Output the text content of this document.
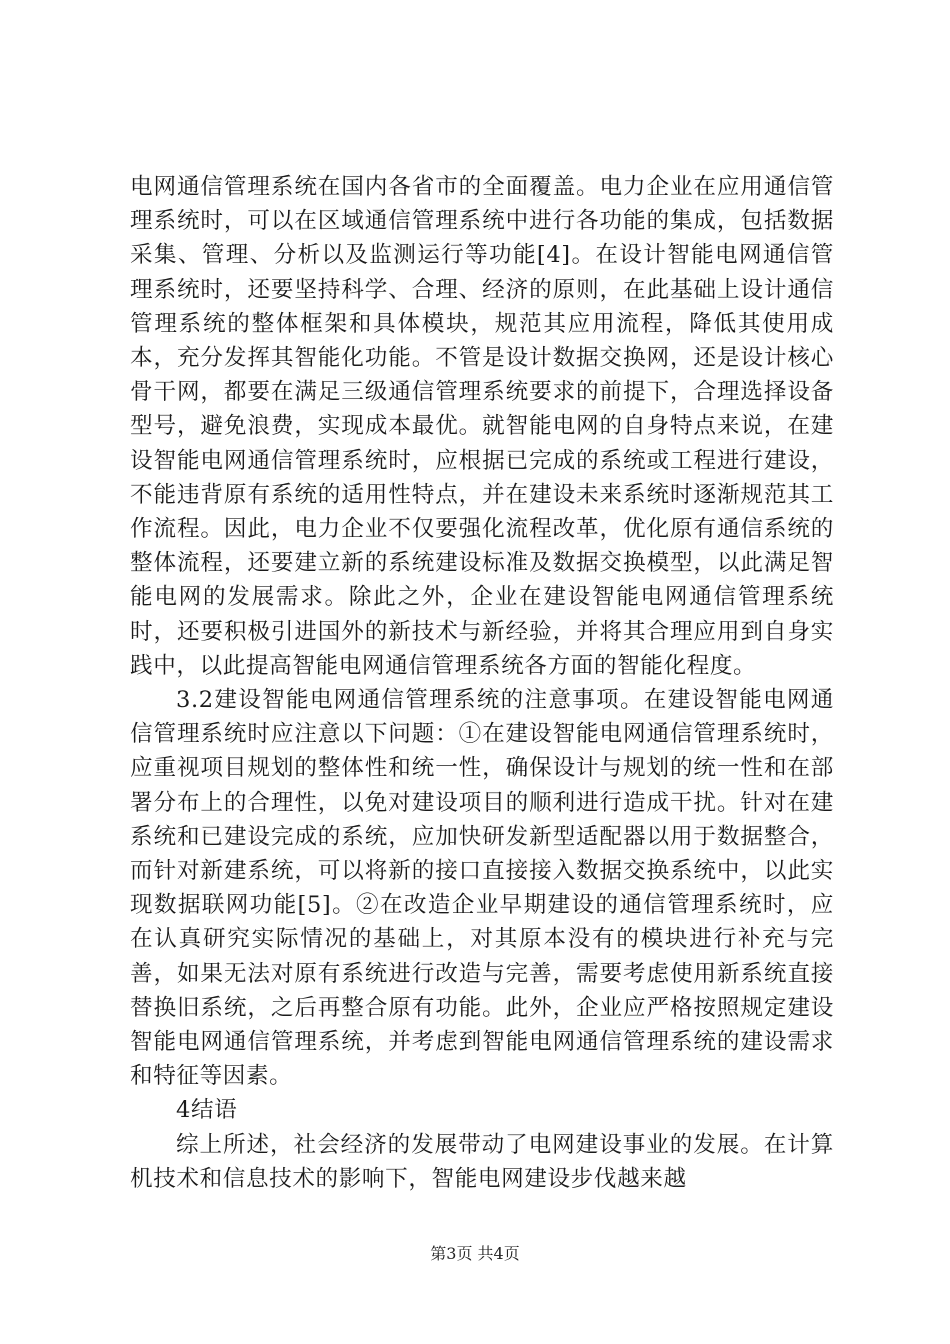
电网通信管理系统在国内各省市的全面覆盖。电力企业在应用通信管理系统时，可以在区域通信管理系统中进行各功能的集成，包括数据采集、管理、分析以及监测运行等功能[4]。在设计智能电网通信管理系统时，还要坚持科学、合理、经济的原则，在此基础上设计通信管理系统的整体框架和具体模块，规范其应用流程，降低其使用成本，充分发挥其智能化功能。不管是设计数据交换网，还是设计核心骨干网，都要在满足三级通信管理系统要求的前提下，合理选择设备型号，避免浪费，实现成本最优。就智能电网的自身特点来说，在建设智能电网通信管理系统时，应根据已完成的系统或工程进行建设，不能违背原有系统的适用性特点，并在建设未来系统时逐渐规范其工作流程。因此，电力企业不仅要强化流程改革，优化原有通信系统的整体流程，还要建立新的系统建设标准及数据交换模型，以此满足智能电网的发展需求。除此之外，企业在建设智能电网通信管理系统时，还要积极引进国外的新技术与新经验，并将其合理应用到自身实践中，以此提高智能电网通信管理系统各方面的智能化程度。

3.2建设智能电网通信管理系统的注意事项。在建设智能电网通信管理系统时应注意以下问题：①在建设智能电网通信管理系统时，应重视项目规划的整体性和统一性，确保设计与规划的统一性和在部署分布上的合理性，以免对建设项目的顺利进行造成干扰。针对在建系统和已建设完成的系统，应加快研发新型适配器以用于数据整合，而针对新建系统，可以将新的接口直接接入数据交换系统中，以此实现数据联网功能[5]。②在改造企业早期建设的通信管理系统时，应在认真研究实际情况的基础上，对其原本没有的模块进行补充与完善，如果无法对原有系统进行改造与完善，需要考虑使用新系统直接替换旧系统，之后再整合原有功能。此外，企业应严格按照规定建设智能电网通信管理系统，并考虑到智能电网通信管理系统的建设需求和特征等因素。

4结语

综上所述，社会经济的发展带动了电网建设事业的发展。在计算机技术和信息技术的影响下，智能电网建设步伐越来越

第3页 共4页
